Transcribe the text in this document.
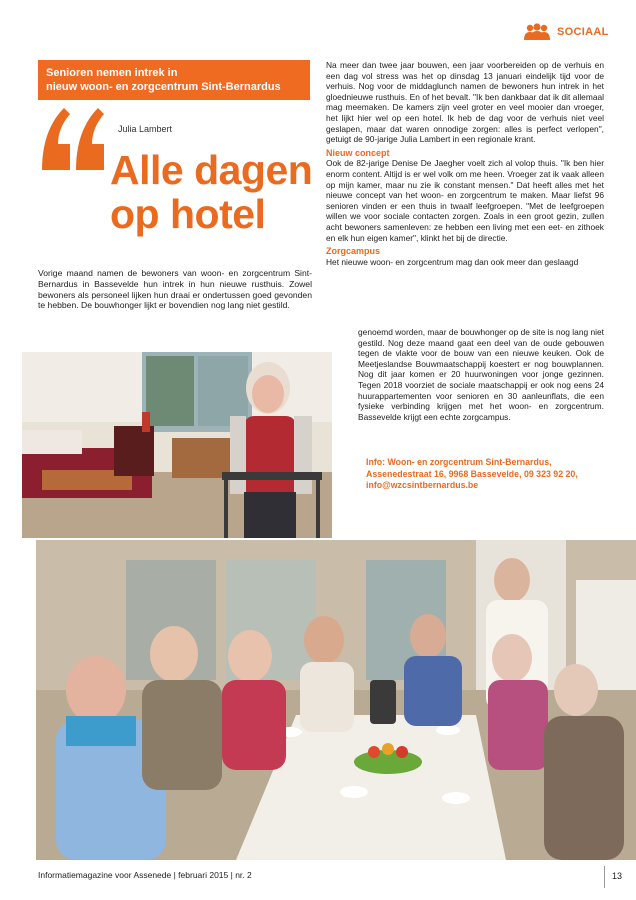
SOCIAAL
Senioren nemen intrek in
nieuw woon- en zorgcentrum Sint-Bernardus
Julia Lambert
Alle dagen
op hotel
Vorige maand namen de bewoners van woon- en zorgcentrum Sint-Bernardus in Bassevelde hun intrek in hun nieuwe rusthuis. Zowel bewoners als personeel lijken hun draai er ondertussen goed gevonden te hebben. De bouwhonger lijkt er bovendien nog lang niet gestild.

Na meer dan twee jaar bouwen, een jaar voorbereiden op de verhuis en een dag vol stress was het op dinsdag 13 januari eindelijk tijd voor de verhuis. Nog voor de middaglunch namen de bewoners hun intrek in het gloednieuwe rusthuis. En of het bevalt. "Ik ben dankbaar dat ik dit allemaal mag meemaken. De kamers zijn veel groter en veel mooier dan vroeger, het lijkt hier wel op een hotel. Ik heb de dag voor de verhuis niet veel geslapen, maar dat waren onnodige zorgen: alles is perfect verlopen", getuigt de 90-jarige Julia Lambert in een regionale krant.

Nieuw concept

Ook de 82-jarige Denise De Jaegher voelt zich al volop thuis. "Ik ben hier enorm content. Altijd is er wel volk om me heen. Vroeger zat ik vaak alleen op mijn kamer, maar nu zie ik constant mensen." Dat heeft alles met het nieuwe concept van het woon- en zorgcentrum te maken. Maar liefst 96 senioren vinden er een thuis in twaalf leefgroepen. "Met de leefgroepen willen we voor sociale contacten zorgen. Zoals in een groot gezin, zullen acht bewoners samenleven: ze hebben een living met een eet- en zithoek en elk hun eigen kamer", klinkt het bij de directie.

Zorgcampus

Het nieuwe woon- en zorgcentrum mag dan ook meer dan geslaagd

genoemd worden, maar de bouwhonger op de site is nog lang niet gestild. Nog deze maand gaat een deel van de oude gebouwen tegen de vlakte voor de bouw van een nieuwe keuken. Ook de Meetjeslandse Bouwmaatschappij koestert er nog bouwplannen. Nog dit jaar komen er 20 huurwoningen voor jonge gezinnen. Tegen 2018 voorziet de sociale maatschappij er ook nog eens 24 huurappartementen voor senioren en 30 aanleunflats, die een fysieke verbinding krijgen met het woon- en zorgcentrum. Bassevelde krijgt een echte zorgcampus.

Info: Woon- en zorgcentrum Sint-Bernardus,
Assenedestraat 16, 9968 Bassevelde, 09 323 92 20,
info@wzcsintbernardus.be
Informatiemagazine voor Assenede | februari 2015 | nr. 2	13
